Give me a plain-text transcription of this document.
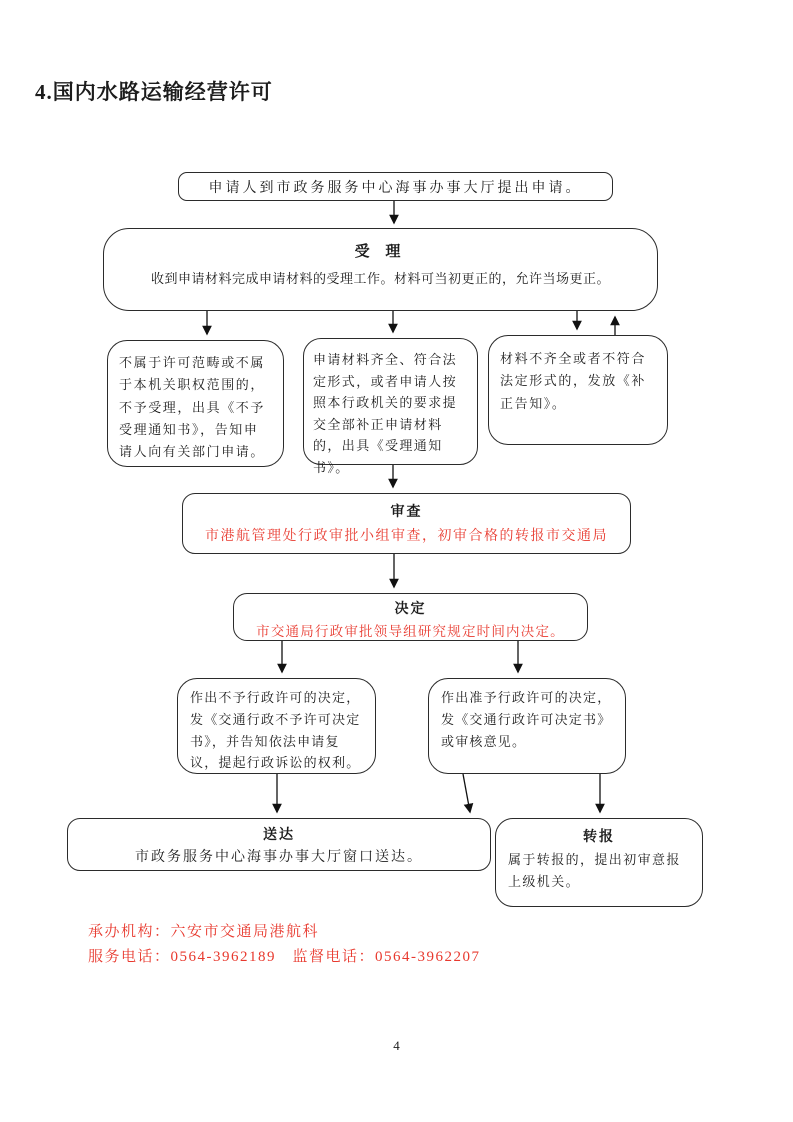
4.国内水路运输经营许可
申请人到市政务服务中心海事办事大厅提出申请。
受 理
收到申请材料完成申请材料的受理工作。材料可当初更正的，允许当场更正。
不属于许可范畴或不属于本机关职权范围的，不予受理，出具《不予受理通知书》，告知申请人向有关部门申请。
申请材料齐全、符合法定形式，或者申请人按照本行政机关的要求提交全部补正申请材料的，出具《受理通知书》。
材料不齐全或者不符合法定形式的，发放《补正告知》。
审查
市港航管理处行政审批小组审查，初审合格的转报市交通局
决定
市交通局行政审批领导组研究规定时间内决定。
作出不予行政许可的决定，发《交通行政不予许可决定书》，并告知依法申请复议，提起行政诉讼的权利。
作出准予行政许可的决定，发《交通行政许可决定书》或审核意见。
送达
市政务服务中心海事办事大厅窗口送达。
转报
属于转报的，提出初审意报上级机关。
承办机构：六安市交通局港航科
服务电话：0564-3962189　监督电话：0564-3962207
4
